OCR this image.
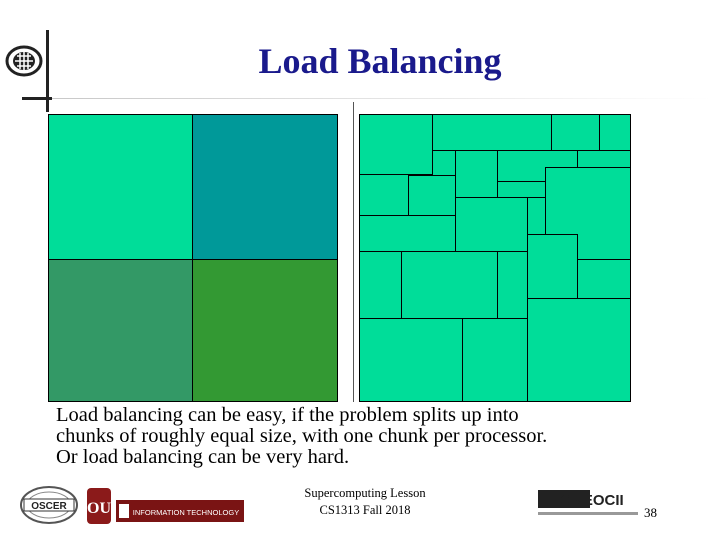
Load Balancing
Load balancing can be easy, if the problem splits up into
chunks of roughly equal size, with one chunk per processor.
Or load balancing can be very hard.
OSCER OU	INFORMATION TECHNOLOGY
Supercomputing Lesson
CS1313 Fall 2018
ONEOCII
38
